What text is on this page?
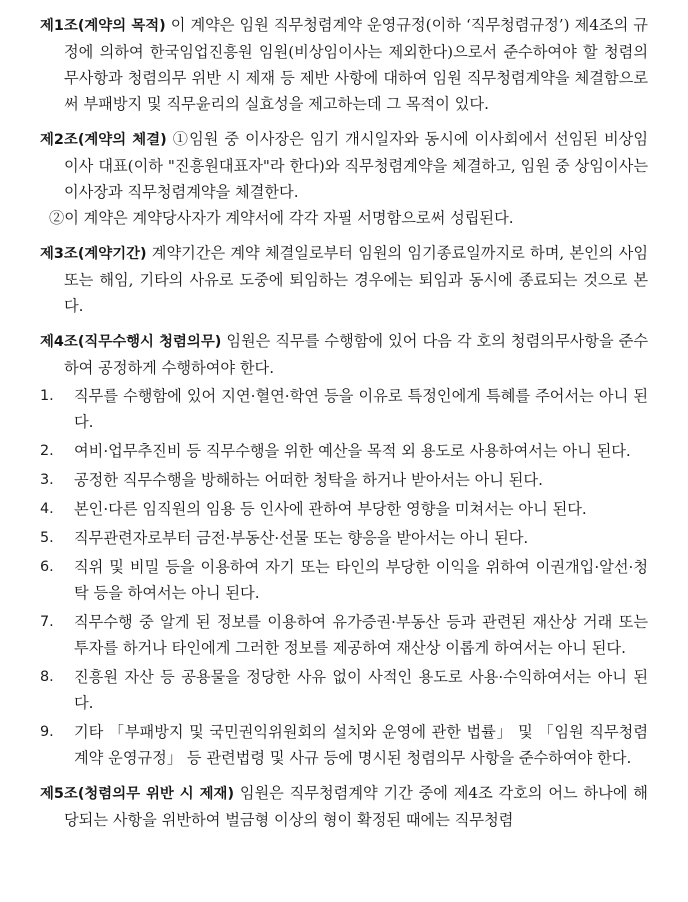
제1조(계약의 목적) 이 계약은 임원 직무청렴계약 운영규정(이하 ‘직무청렴규정’) 제4조의 규정에 의하여 한국임업진흥원 임원(비상임이사는 제외한다)으로서 준수하여야 할 청렴의무사항과 청렴의무 위반 시 제재 등 제반 사항에 대하여 임원 직무청렴계약을 체결함으로써 부패방지 및 직무윤리의 실효성을 제고하는데 그 목적이 있다.

제2조(계약의 체결) ①임원 중 이사장은 임기 개시일자와 동시에 이사회에서 선임된 비상임이사 대표(이하 "진흥원대표자"라 한다)와 직무청렴계약을 체결하고, 임원 중 상임이사는 이사장과 직무청렴계약을 체결한다.

②이 계약은 계약당사자가 계약서에 각각 자필 서명함으로써 성립된다.

제3조(계약기간) 계약기간은 계약 체결일로부터 임원의 임기종료일까지로 하며, 본인의 사임 또는 해임, 기타의 사유로 도중에 퇴임하는 경우에는 퇴임과 동시에 종료되는 것으로 본다.

제4조(직무수행시 청렴의무) 임원은 직무를 수행함에 있어 다음 각 호의 청렴의무사항을 준수하여 공정하게 수행하여야 한다.

1.	직무를 수행함에 있어 지연·혈연·학연 등을 이유로 특정인에게 특혜를 주어서는 아니 된다.
2.	여비·업무추진비 등 직무수행을 위한 예산을 목적 외 용도로 사용하여서는 아니 된다.
3.	공정한 직무수행을 방해하는 어떠한 청탁을 하거나 받아서는 아니 된다.
4.	본인·다른 임직원의 임용 등 인사에 관하여 부당한 영향을 미쳐서는 아니 된다.
5.	직무관련자로부터 금전·부동산·선물 또는 향응을 받아서는 아니 된다.
6.	직위 및 비밀 등을 이용하여 자기 또는 타인의 부당한 이익을 위하여 이권개입·알선·청탁 등을 하여서는 아니 된다.
7.	직무수행 중 알게 된 정보를 이용하여 유가증권·부동산 등과 관련된 재산상 거래 또는 투자를 하거나 타인에게 그러한 정보를 제공하여 재산상 이롭게 하여서는 아니 된다.
8.	진흥원 자산 등 공용물을 정당한 사유 없이 사적인 용도로 사용·수익하여서는 아니 된다.
9.	기타 「부패방지 및 국민권익위원회의 설치와 운영에 관한 법률」 및 「임원 직무청렴계약 운영규정」 등 관련법령 및 사규 등에 명시된 청렴의무 사항을 준수하여야 한다.

제5조(청렴의무 위반 시 제재) 임원은 직무청렴계약 기간 중에 제4조 각호의 어느 하나에 해당되는 사항을 위반하여 벌금형 이상의 형이 확정된 때에는 직무청렴
